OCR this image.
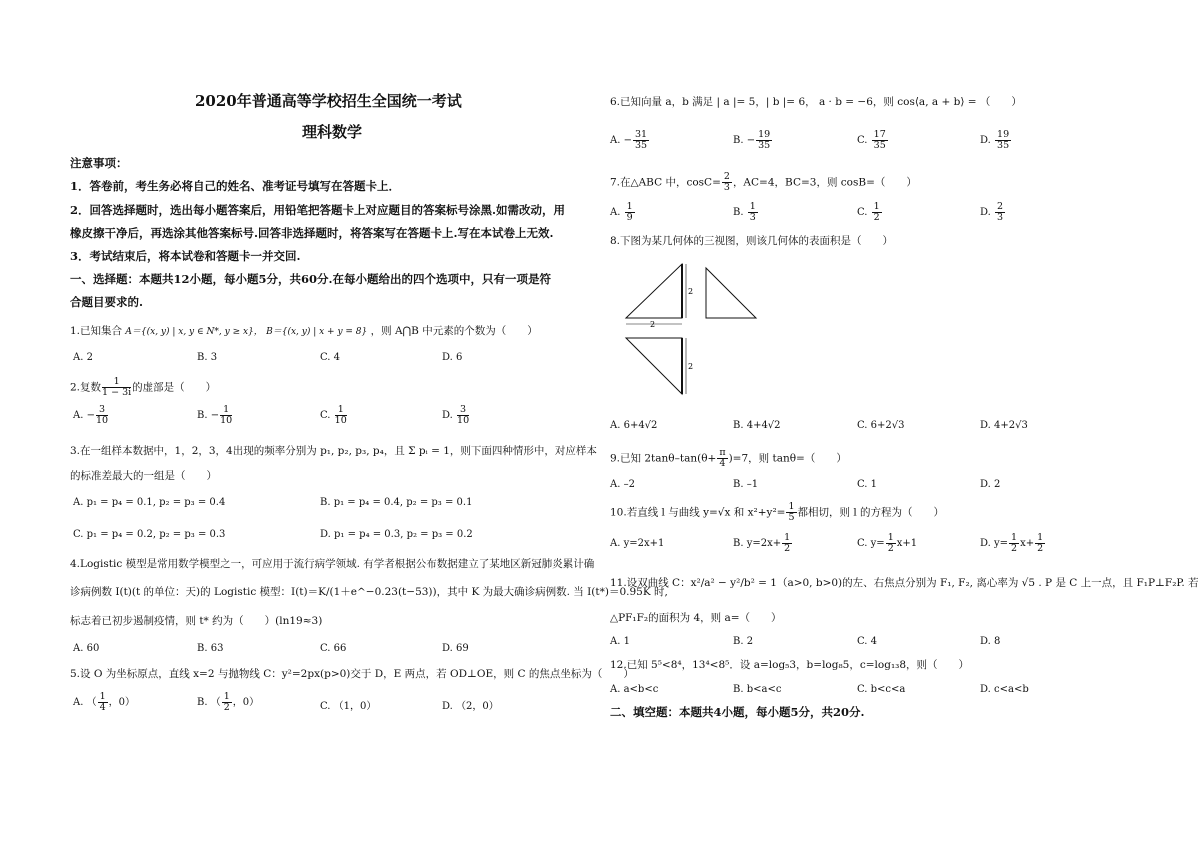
2020年普通高等学校招生全国统一考试
理科数学
注意事项：
1．答卷前，考生务必将自己的姓名、准考证号填写在答题卡上．
2．回答选择题时，选出每小题答案后，用铅笔把答题卡上对应题目的答案标号涂黑.如需改动，用
橡皮擦干净后，再选涂其他答案标号.回答非选择题时，将答案写在答题卡上.写在本试卷上无效.
3．考试结束后，将本试卷和答题卡一并交回.
一、选择题：本题共12小题，每小题5分，共60分.在每小题给出的四个选项中，只有一项是符
合题目要求的.
1.已知集合 A＝{(x, y) | x, y ∈ N*, y ≥ x}， B＝{(x, y) | x + y = 8} ，则 A⋂B 中元素的个数为（　　）
A. 2	B. 3	C. 4	D. 6
2.复数 $\frac{1}{1 - 3i}$ 的虚部是（　　）
A. − $\frac{3}{10}$	B. − $\frac{1}{10}$	C. $\frac{1}{10}$	D. $\frac{3}{10}$
3.在一组样本数据中，1，2，3，4出现的频率分别为 p₁, p₂, p₃, p₄，且 Σ pᵢ = 1，则下面四种情形中，对应样本
的标准差最大的一组是（　　）
A. p₁ = p₄ = 0.1, p₂ = p₃ = 0.4	B. p₁ = p₄ = 0.4, p₂ = p₃ = 0.1
C. p₁ = p₄ = 0.2, p₂ = p₃ = 0.3	D. p₁ = p₄ = 0.3, p₂ = p₃ = 0.2
4.Logistic 模型是常用数学模型之一，可应用于流行病学领域. 有学者根据公布数据建立了某地区新冠肺炎累计确
诊病例数 I(t)(t 的单位：天)的 Logistic 模型：I(t)＝K/(1＋e^−0.23(t−53))，其中 K 为最大确诊病例数. 当 I(t*)＝0.95K 时,
标志着已初步遏制疫情，则 t* 约为（　　）(ln19≈3)
A. 60	B. 63	C. 66	D. 69
5.设 O 为坐标原点，直线 x=2 与抛物线 C：y²=2px(p>0)交于 D，E 两点，若 OD⊥OE，则 C 的焦点坐标为（　　）
A. （ $\frac{1}{4}$ ，0）	B. （ $\frac{1}{2}$ ，0）	C. （1，0）	D. （2，0）
6.已知向量 a，b 满足 | a |= 5，| b |= 6， a · b = −6，则 cos⟨a, a + b⟩ = （　　）
A. − $\frac{31}{35}$	B. − $\frac{19}{35}$	C. $\frac{17}{35}$	D. $\frac{19}{35}$
7.在△ABC 中，$\cos C= \frac{2}{3}$ ，AC=4，BC=3，则 cosB=（　　）
A. $\frac{1}{9}$	B. $\frac{1}{3}$	C. $\frac{1}{2}$	D. $\frac{2}{3}$
8.下图为某几何体的三视图，则该几何体的表面积是（　　）
2
2
2
A. 6+4√2	B. 4+4√2	C. 6+2√3	D. 4+2√3
9.已知 $2\tan\theta-\tan(\theta+ \frac{\pi}{4} )=7$，则 tanθ=（　　）
A. –2	B. –1	C. 1	D. 2
10.若直线 l 与曲线 y=√x 和 $x^2+y^2= \frac{1}{5}$ 都相切，则 l 的方程为（　　）
A. y=2x+1	B. $y=2x+ \frac{1}{2}$	C. $y= \frac{1}{2} x+1$	D. $y= \frac{1}{2} x+ \frac{1}{2}$
11.设双曲线 C：x²/a² − y²/b² = 1（a>0, b>0)的左、右焦点分别为 F₁, F₂, 离心率为 √5 . P 是 C 上一点，且 F₁P⊥F₂P. 若
△PF₁F₂的面积为 4，则 a=（　　）
A. 1	B. 2	C. 4	D. 8
12.已知 5⁵<8⁴，13⁴<8⁵．设 a=log₅3，b=log₈5，c=log₁₃8，则（　　）
A. a<b<c	B. b<a<c	C. b<c<a	D. c<a<b
二、填空题：本题共4小题，每小题5分，共20分.
